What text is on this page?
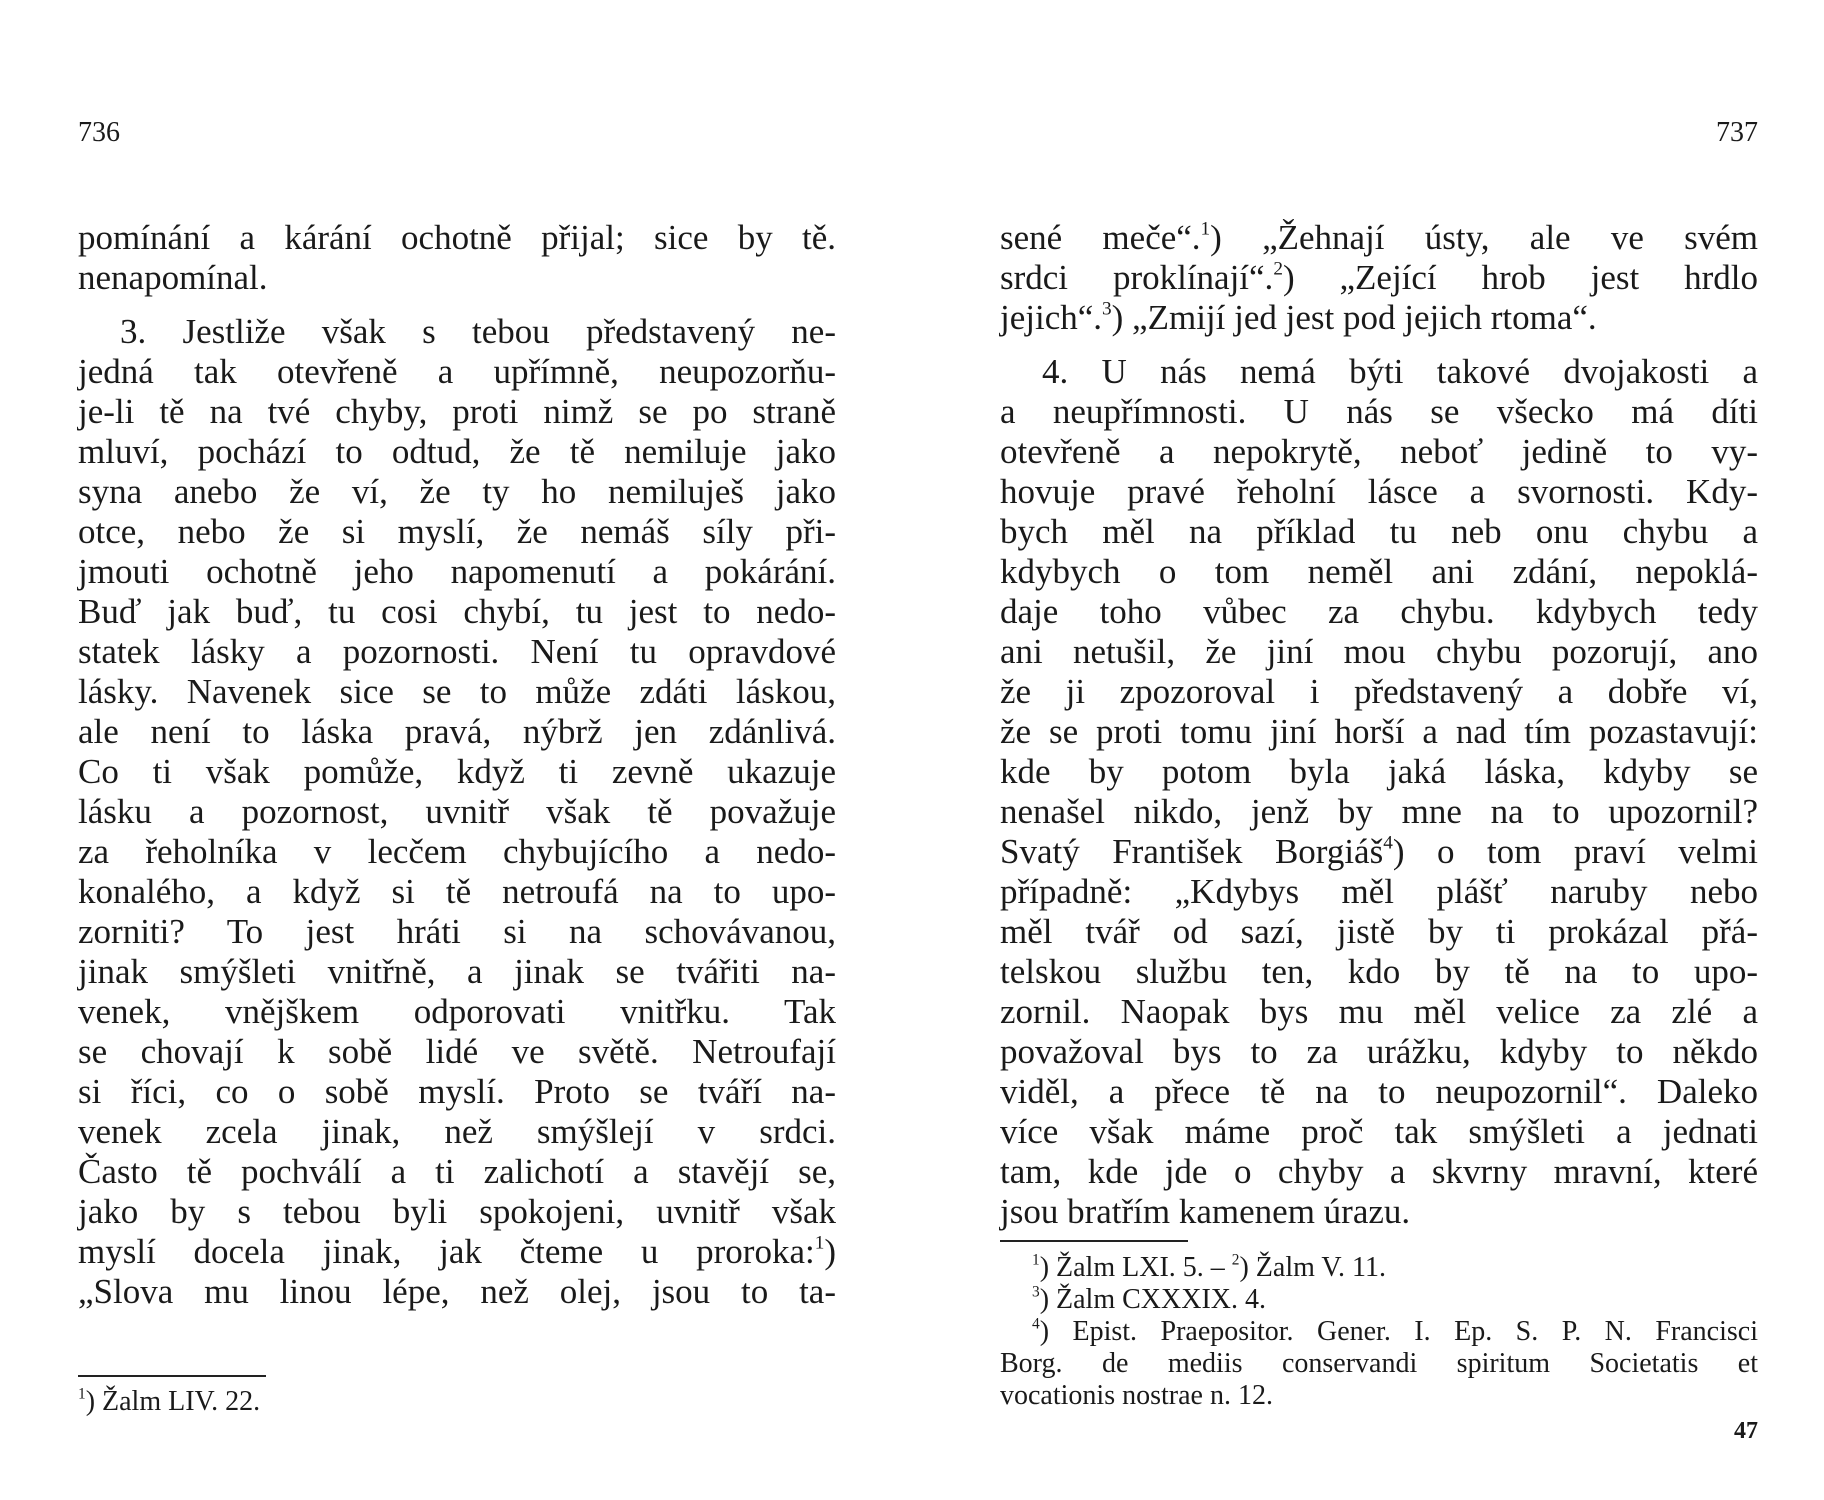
736
pomínání a kárání ochotně přijal; sice by tě.
nenapomínal.
3. Jestliže však s tebou představený ne-
jedná tak otevřeně a upřímně, neupozorňu-
je-li tě na tvé chyby, proti nimž se po straně
mluví, pochází to odtud, že tě nemiluje jako
syna anebo že ví, že ty ho nemiluješ jako
otce, nebo že si myslí, že nemáš síly při-
jmouti ochotně jeho napomenutí a pokárání.
Buď jak buď, tu cosi chybí, tu jest to nedo-
statek lásky a pozornosti. Není tu opravdové
lásky. Navenek sice se to může zdáti láskou,
ale není to láska pravá, nýbrž jen zdánlivá.
Co ti však pomůže, když ti zevně ukazuje
lásku a pozornost, uvnitř však tě považuje
za řeholníka v lecčem chybujícího a nedo-
konalého, a když si tě netroufá na to upo-
zorniti? To jest hráti si na schovávanou,
jinak smýšleti vnitřně, a jinak se tvářiti na-
venek, vnějškem odporovati vnitřku. Tak
se chovají k sobě lidé ve světě. Netroufají
si říci, co o sobě myslí. Proto se tváří na-
venek zcela jinak, než smýšlejí v srdci.
Často tě pochválí a ti zalichotí a stavějí se,
jako by s tebou byli spokojeni, uvnitř však
myslí docela jinak, jak čteme u proroka:$^1$)
„Slova mu linou lépe, než olej, jsou to ta-
$^1$) Žalm LIV. 22.
737
sené meče“.$^1$) „Žehnají ústy, ale ve svém
srdci proklínají“.$^2$) „Zející hrob jest hrdlo
jejich“.$^3$) „Zmijí jed jest pod jejich rtoma“.
4. U nás nemá býti takové dvojakosti a
a neupřímnosti. U nás se všecko má díti
otevřeně a nepokrytě, neboť jedině to vy-
hovuje pravé řeholní lásce a svornosti. Kdy-
bych měl na příklad tu neb onu chybu a
kdybych o tom neměl ani zdání, nepoklá-
daje toho vůbec za chybu. kdybych tedy
ani netušil, že jiní mou chybu pozorují, ano
že ji zpozoroval i představený a dobře ví,
že se proti tomu jiní horší a nad tím pozastavují:
kde by potom byla jaká láska, kdyby se
nenašel nikdo, jenž by mne na to upozornil?
Svatý František Borgiáš$^4$) o tom praví velmi
případně: „Kdybys měl plášť naruby nebo
měl tvář od sazí, jistě by ti prokázal přá-
telskou službu ten, kdo by tě na to upo-
zornil. Naopak bys mu měl velice za zlé a
považoval bys to za urážku, kdyby to někdo
viděl, a přece tě na to neupozornil“. Daleko
více však máme proč tak smýšleti a jednati
tam, kde jde o chyby a skvrny mravní, které
jsou bratřím kamenem úrazu.
$^1$) Žalm LXI. 5. – $^2$) Žalm V. 11.
$^3$) Žalm CXXXIX. 4.
$^4$) Epist. Praepositor. Gener. I. Ep. S. P. N. Francisci
Borg. de mediis conservandi spiritum Societatis et
vocationis nostrae n. 12.
47
